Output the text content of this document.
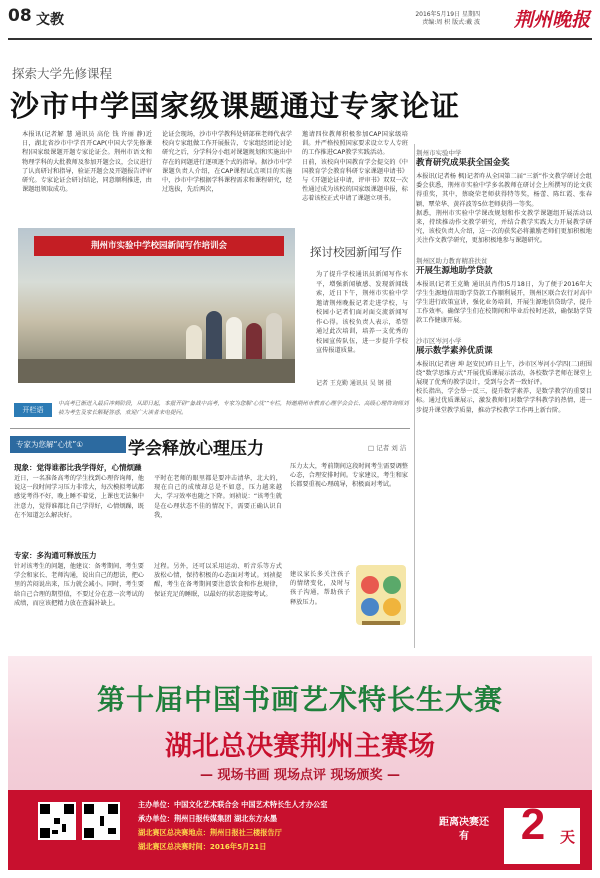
08 文教	2016年5月19日 星期四
责编:周 枳 版式:戴 波 荆州晚报
探索大学先修课程
沙市中学国家级课题通过专家论证
本报讯(记者解 慧 通讯员 高伦 钱 许丽 静)近日，湖北省沙市中学召开CAP(中国大学先修课程)国家级课题开题专家论证会。荆州市语文和物理学科的大批教师及参加开题会议，会议进行了认真研讨和指导，验证开题会及开题报告评审研究。专家论证会研讨结论，同意顺利推进，由课题组领取成功。
论证会现场，沙市中学教科处研部崔老师代表学校向专家组做工作开展报告，专家组经团论讨论研究之后，分学科分小组对课题规划和实施出中存在的问题进行逐项逐个式的指导。据沙市中学课题负责人介绍，在CAP课程试点项目的实施中，沙市中学根据学科课程需求和课程研究，经过选拔，先后两次，
邀请四位教师积极参加CAP国家级培训。并严格按照国家要求设立专人专班的工作推进CAP教学实践活动。
日前，该校向中国教育学会提交的《中国教育学会教育科研专家课题申请书》与《开题论证申请，评审书》双双一次性通过成为该校的国家级课题申报，标志着该校正式申请了课题立项书。
荆州市实验中学校园新闻写作培训会	探讨校园新闻写作
为了提升学校通讯员新闻写作水平，增强新闻敏感、发现新闻线索，近日下午，荆州市实验中学邀请荆州晚报记者走进学校，与校园小记者们面对面交流新闻写作心得。该校负责人表示，希望通过此次培训，培养一支优秀的校园宣传队伍，进一步提升学校宣传报道质量。
记者 王克勤 通讯员 吴 钢 摄
荆州市实验中学
教育研究成果获全国金奖
本报讯(记者杨 枫)记者昨从全国第二届“三新”作文教学研讨会组委会获悉，荆州市实验中学多名教师在研讨会上所撰写的论文获得重奖，其中，蔡晓荣老师获得特等奖，杨蕾、陈红霞、张春颖、覃荣华、黄祥波等5位老师获得一等奖。
据悉，荆州市实验中学课改规划和作文教学课题组开展活动以来，持续推动作文教学研究，并结合教学实践大力开展教学研究，该校负责人介绍，这一次的获奖必将激励老师们更加积极地关注作文教学研究，更加积极地参与课题研究。
荆州区助力教育精准扶贫
开展生源地助学贷款
本报讯(记者王克勤 通讯员肖伟)5月18日，为了便于2016年大学生生源地信用助学贷款工作顺利展开，荆州区联合农行对高中学生进行政策宣讲，强化业务培训，开展生源地信贷助学，提升工作效率。确保学生们在校期间和毕业后按时还款，确保助学贷款工作健康开展。
沙市区岑河小学
展示数学素养优质课
本报讯(记者唐 坤 赵安民)昨日上午，沙市区岑河小学四(二)班围绕“数学思维方式”开展优质课展示活动，各校数学老师在课堂上展现了优秀的教学设计，受到与会者一致好评。
校长指出，学会举一反三，提升数学素养，是数学教学的重要目标。通过优质课展示，激发教师们对数学学科教学的热情，进一步提升课堂教学质量，推动学校教学工作再上新台阶。
开栏语
中高考已渐进入最后冲刺阶段，从即日起，本报开辟“备战中高考，专家为您解‘心忧’”专栏，特邀荆州市教育心理学会会长、高级心理咨询师刘祯为考生及家长解疑答惑，欢迎广大读者来电提问。
专家为您解“心忧”①	学会释放心理压力	□ 记者 刘 洁
现象：觉得谁都比我学得好，心情烦躁
近日，一名准备高考的学生找到心理咨询师，他说这一段时间学习压力非常大，每次模拟考试都感觉考得不好，晚上睡不着觉，上课也无法集中注意力，觉得谁都比自己学得好，心情烦躁，既在不知道怎么解决好。
平时在老师的眼里都是要冲击清华，北大的，现在自己的成绩却总是不如意，压力越来越大，学习效率也随之下降。刘祯说：“该考生就是在心理状态不佳的情况下，需要正确认识自我，
压力太大，考前期间这段时间考生需要调整心态，合理安排时间。专家建议，考生和家长都要重视心理疏导，积极面对考试。
专家：多沟通可释放压力
针对该考生的问题，他建议：备考期间，考生要学会和家长、老师沟通，说出自己的想法，把心里的苦闷说出来，压力就会减小。同时，考生要给自己合理的期望值，不要过分在意一次考试的成绩，而应该把精力放在查漏补缺上。
过程。另外，还可以采用运动、听音乐等方式放松心情，保持积极的心态面对考试。刘祯提醒，考生在备考期间要注意饮食和作息规律，保证充足的睡眠，以最好的状态迎接考试。
建议家长多关注孩子的情绪变化，及时与孩子沟通，帮助孩子释放压力。
第十届中国书画艺术特长生大赛
湖北总决赛荆州主赛场
— 现场书画 现场点评 现场颁奖 —
主办单位：中国文化艺术联合会 中国艺术特长生人才办公室
承办单位：荆州日报传媒集团 湖北东方水墨
湖北赛区总决赛地点：荆州日报社三楼报告厅
湖北赛区总决赛时间：2016年5月21日
距离决赛还有	2 天
